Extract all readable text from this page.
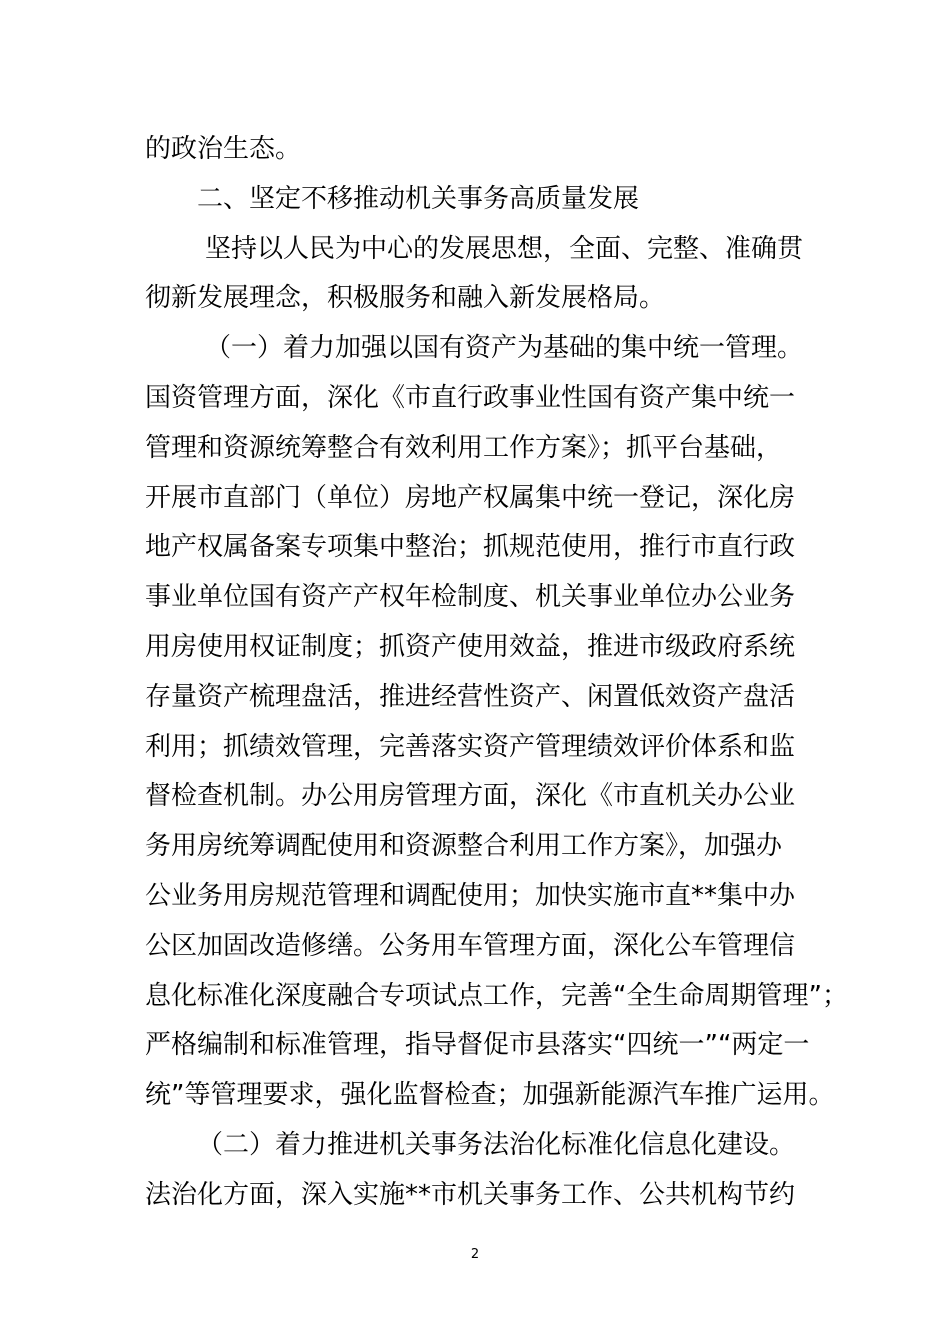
的政治生态。
二、坚定不移推动机关事务高质量发展
坚持以人民为中心的发展思想，全面、完整、准确贯
彻新发展理念，积极服务和融入新发展格局。
（一）着力加强以国有资产为基础的集中统一管理。
国资管理方面，深化《市直行政事业性国有资产集中统一
管理和资源统筹整合有效利用工作方案》；抓平台基础，
开展市直部门（单位）房地产权属集中统一登记，深化房
地产权属备案专项集中整治；抓规范使用，推行市直行政
事业单位国有资产产权年检制度、机关事业单位办公业务
用房使用权证制度；抓资产使用效益，推进市级政府系统
存量资产梳理盘活，推进经营性资产、闲置低效资产盘活
利用；抓绩效管理，完善落实资产管理绩效评价体系和监
督检查机制。办公用房管理方面，深化《市直机关办公业
务用房统筹调配使用和资源整合利用工作方案》，加强办
公业务用房规范管理和调配使用；加快实施市直**集中办
公区加固改造修缮。公务用车管理方面，深化公车管理信
息化标准化深度融合专项试点工作，完善“全生命周期管理”；
严格编制和标准管理，指导督促市县落实“四统一”“两定一
统”等管理要求，强化监督检查；加强新能源汽车推广运用。
（二）着力推进机关事务法治化标准化信息化建设。
法治化方面，深入实施**市机关事务工作、公共机构节约
2
